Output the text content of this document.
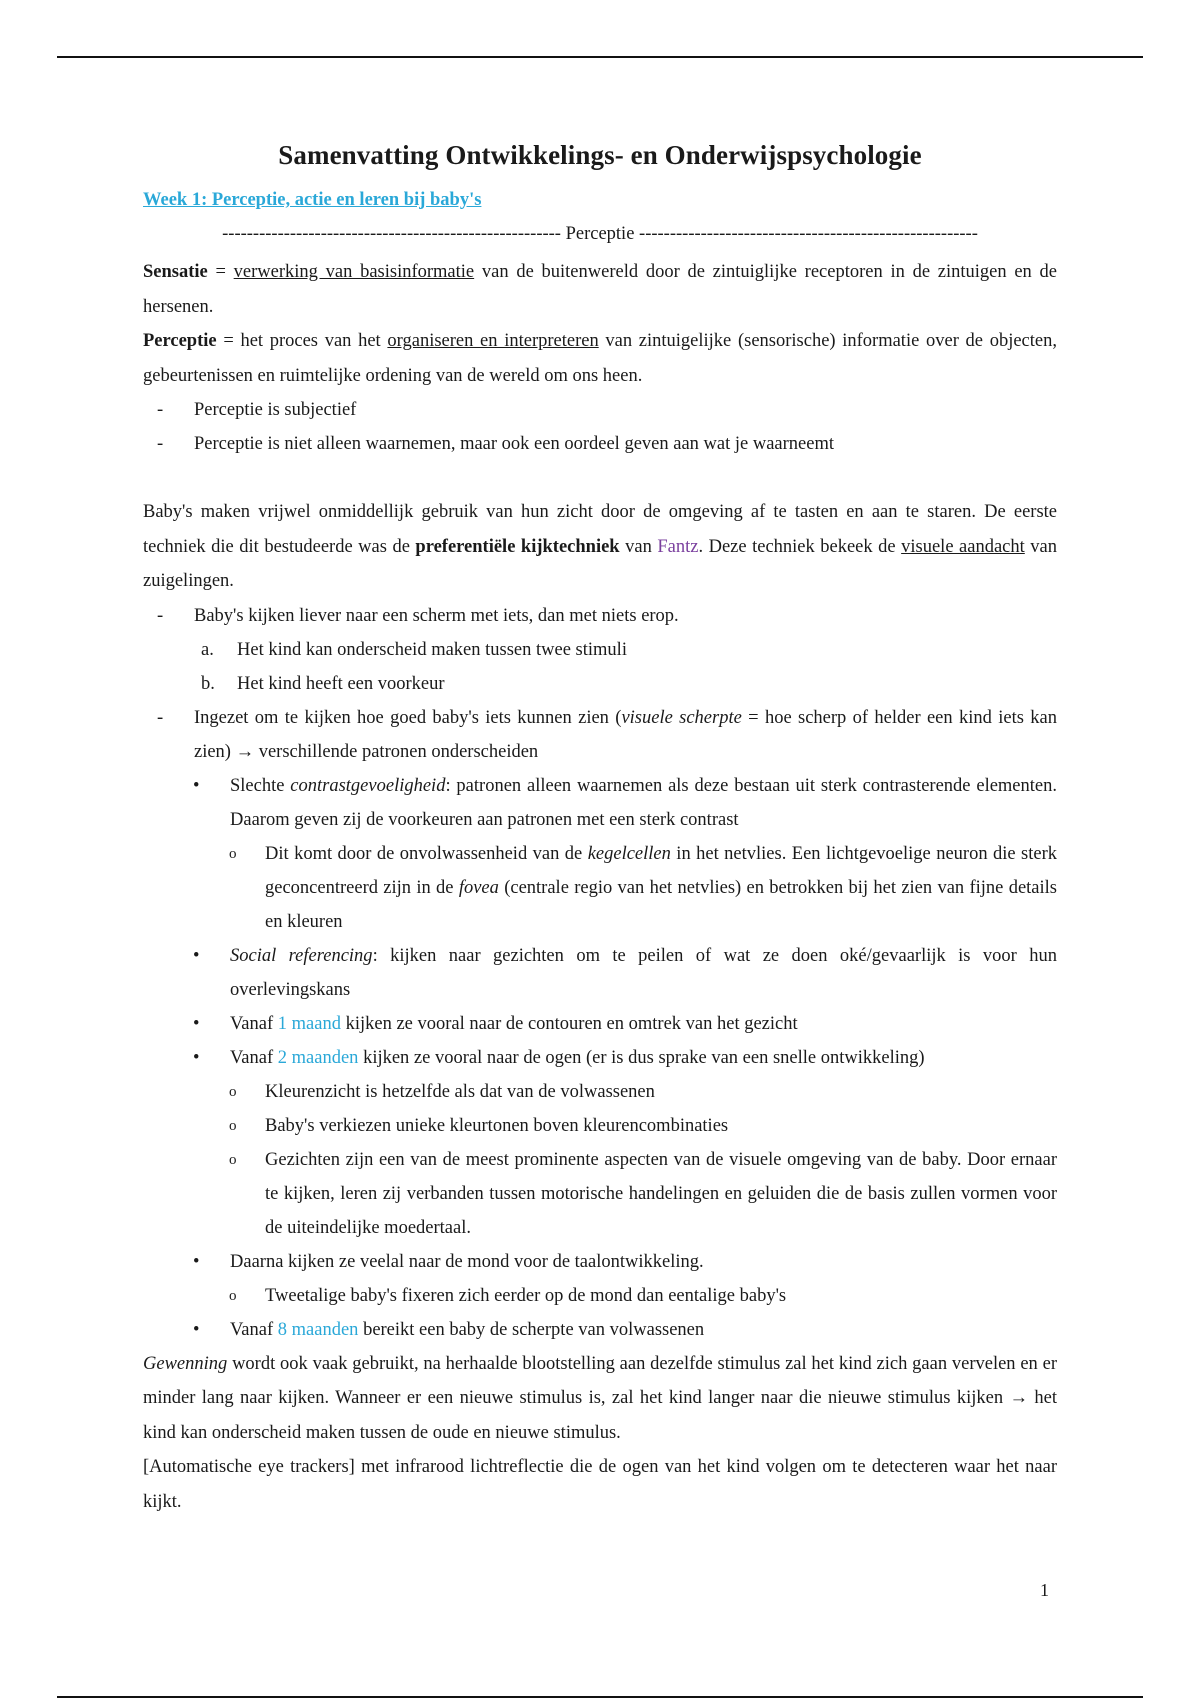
Samenvatting Ontwikkelings- en Onderwijspsychologie
Week 1: Perceptie, actie en leren bij baby's
------------------------------------------------------- Perceptie -------------------------------------------------------

Sensatie = verwerking van basisinformatie van de buitenwereld door de zintuiglijke receptoren in de zintuigen en de hersenen.

Perceptie = het proces van het organiseren en interpreteren van zintuigelijke (sensorische) informatie over de objecten, gebeurtenissen en ruimtelijke ordening van de wereld om ons heen.

- Perceptie is subjectief
- Perceptie is niet alleen waarnemen, maar ook een oordeel geven aan wat je waarneemt

Baby's maken vrijwel onmiddellijk gebruik van hun zicht door de omgeving af te tasten en aan te staren. De eerste techniek die dit bestudeerde was de preferentiële kijktechniek van Fantz. Deze techniek bekeek de visuele aandacht van zuigelingen.

- Baby's kijken liever naar een scherm met iets, dan met niets erop.
a. Het kind kan onderscheid maken tussen twee stimuli
b. Het kind heeft een voorkeur
- Ingezet om te kijken hoe goed baby's iets kunnen zien (visuele scherpte = hoe scherp of helder een kind iets kan zien) → verschillende patronen onderscheiden
• Slechte contrastgevoeligheid: patronen alleen waarnemen als deze bestaan uit sterk contrasterende elementen. Daarom geven zij de voorkeuren aan patronen met een sterk contrast
o Dit komt door de onvolwassenheid van de kegelcellen in het netvlies. Een lichtgevoelige neuron die sterk geconcentreerd zijn in de fovea (centrale regio van het netvlies) en betrokken bij het zien van fijne details en kleuren
• Social referencing: kijken naar gezichten om te peilen of wat ze doen oké/gevaarlijk is voor hun overlevingskans
• Vanaf 1 maand kijken ze vooral naar de contouren en omtrek van het gezicht
• Vanaf 2 maanden kijken ze vooral naar de ogen (er is dus sprake van een snelle ontwikkeling)
o Kleurenzicht is hetzelfde als dat van de volwassenen
o Baby's verkiezen unieke kleurtonen boven kleurencombinaties
o Gezichten zijn een van de meest prominente aspecten van de visuele omgeving van de baby. Door ernaar te kijken, leren zij verbanden tussen motorische handelingen en geluiden die de basis zullen vormen voor de uiteindelijke moedertaal.
• Daarna kijken ze veelal naar de mond voor de taalontwikkeling.
o Tweetalige baby's fixeren zich eerder op de mond dan eentalige baby's
• Vanaf 8 maanden bereikt een baby de scherpte van volwassenen

Gewenning wordt ook vaak gebruikt, na herhaalde blootstelling aan dezelfde stimulus zal het kind zich gaan vervelen en er minder lang naar kijken. Wanneer er een nieuwe stimulus is, zal het kind langer naar die nieuwe stimulus kijken → het kind kan onderscheid maken tussen de oude en nieuwe stimulus.

[Automatische eye trackers] met infrarood lichtreflectie die de ogen van het kind volgen om te detecteren waar het naar kijkt.

1
